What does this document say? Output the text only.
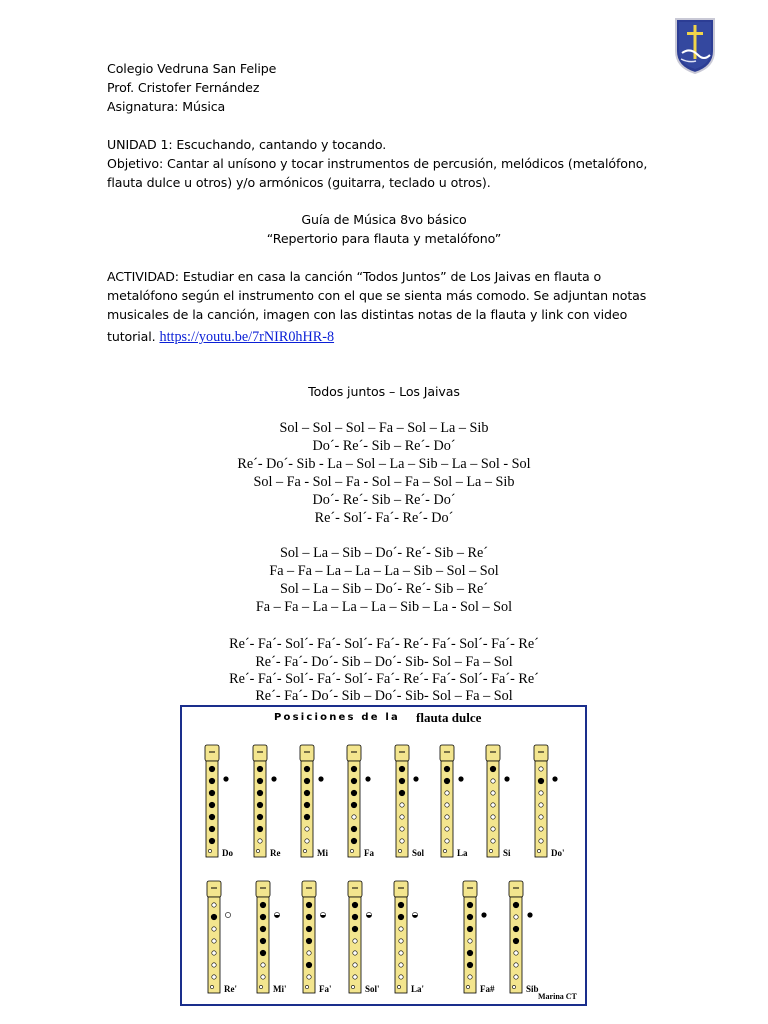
Colegio Vedruna San Felipe
Prof. Cristofer Fernández
Asignatura: Música
UNIDAD 1: Escuchando, cantando y tocando.
Objetivo: Cantar al unísono y tocar instrumentos de percusión, melódicos (metalófono,
flauta dulce u otros) y/o armónicos (guitarra, teclado u otros).
Guía de Música 8vo básico
“Repertorio para flauta y metalófono”
ACTIVIDAD: Estudiar en casa la canción “Todos Juntos” de Los Jaivas en flauta o
metalófono según el instrumento con el que se sienta más comodo. Se adjuntan notas
musicales de la canción, imagen con las distintas notas de la flauta y link con video
tutorial. https://youtu.be/7rNIR0hHR-8
Todos juntos – Los Jaivas
Sol – Sol – Sol – Fa – Sol – La – Sib
Do´- Re´- Sib – Re´- Do´
Re´- Do´- Sib - La – Sol – La – Sib – La – Sol - Sol
Sol – Fa - Sol – Fa - Sol – Fa – Sol – La – Sib
Do´- Re´- Sib – Re´- Do´
Re´- Sol´- Fa´- Re´- Do´
Sol – La – Sib – Do´- Re´- Sib – Re´
Fa – Fa – La – La – La – Sib – Sol – Sol
Sol – La – Sib – Do´- Re´- Sib – Re´
Fa – Fa – La – La – La – Sib – La - Sol – Sol
Re´- Fa´- Sol´- Fa´- Sol´- Fa´- Re´- Fa´- Sol´- Fa´- Re´
Re´- Fa´- Do´- Sib – Do´- Sib- Sol – Fa – Sol
Re´- Fa´- Sol´- Fa´- Sol´- Fa´- Re´- Fa´- Sol´- Fa´- Re´
Re´- Fa´- Do´- Sib – Do´- Sib- Sol – Fa – Sol
Posiciones de la flauta dulce
Marina CT
Do	Re	Mi	Fa	Sol	La	Si	Do'
Re'	Mi'	Fa'	Sol'	La'	Fa#	Sib
